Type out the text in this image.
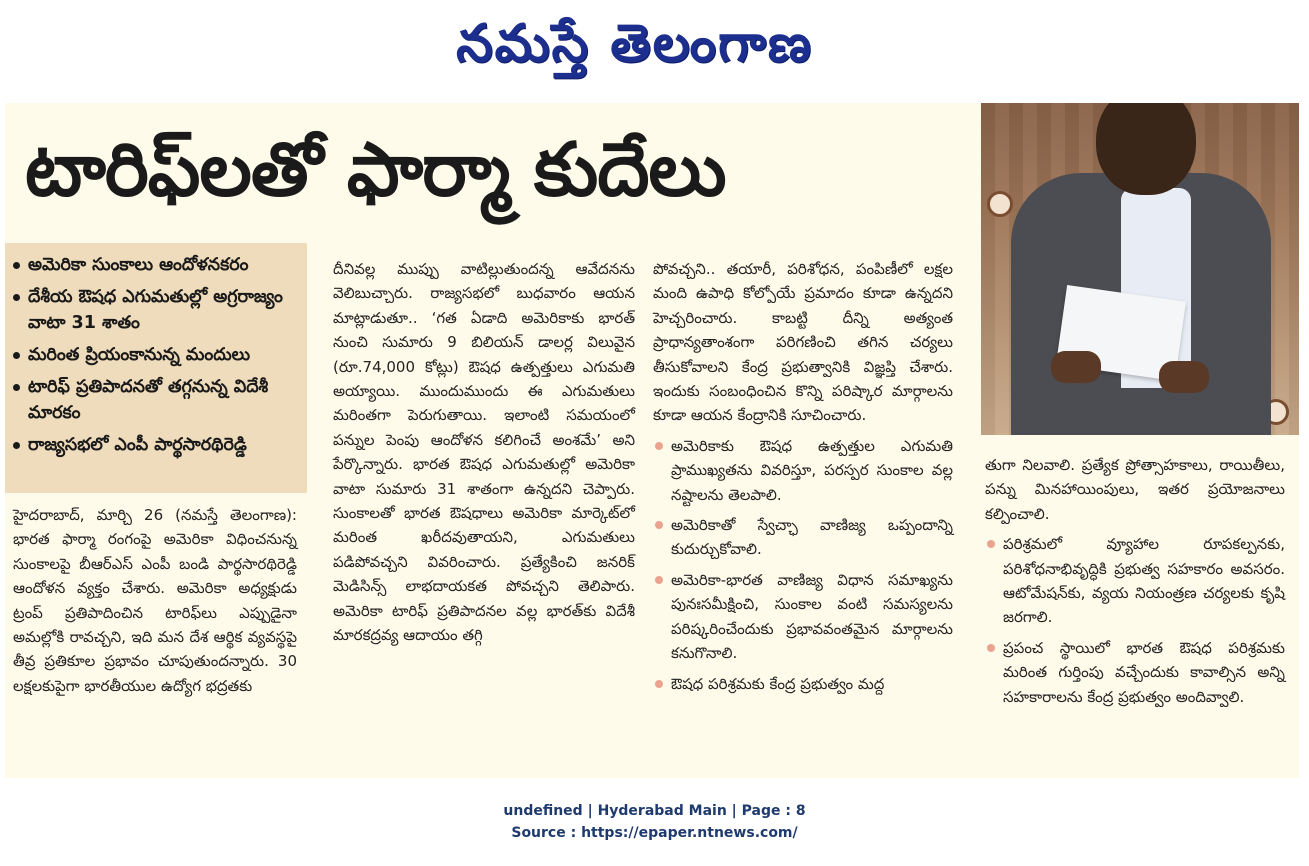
నమస్తే తెలంగాణ
టారిఫ్‌లతో ఫార్మా కుదేలు
అమెరికా సుంకాలు ఆందోళనకరం
దేశీయ ఔషధ ఎగుమతుల్లో అగ్రరాజ్యం వాటా 31 శాతం
మరింత ప్రియంకానున్న మందులు
టారిఫ్ ప్రతిపాదనతో తగ్గనున్న విదేశీ మారకం
రాజ్యసభలో ఎంపీ పార్థసారథిరెడ్డి

హైదరాబాద్, మార్చి 26 (నమస్తే తెలంగాణ): భారత ఫార్మా రంగంపై అమెరికా విధించనున్న సుంకాలపై బీఆర్‌ఎస్ ఎంపీ బండి పార్థసారథిరెడ్డి ఆందోళన వ్యక్తం చేశారు. అమెరికా అధ్యక్షుడు ట్రంప్ ప్రతిపాదించిన టారిఫ్‌లు ఎప్పుడైనా అమల్లోకి రావచ్చని, ఇది మన దేశ ఆర్థిక వ్యవస్థపై తీవ్ర ప్రతికూల ప్రభావం చూపుతుందన్నారు. 30 లక్షలకుపైగా భారతీయుల ఉద్యోగ భద్రతకు

దీనివల్ల ముప్పు వాటిల్లుతుందన్న ఆవేదనను వెలిబుచ్చారు. రాజ్యసభలో బుధవారం ఆయన మాట్లాడుతూ.. ‘గత ఏడాది అమెరికాకు భారత్ నుంచి సుమారు 9 బిలియన్ డాలర్ల విలువైన (రూ.74,000 కోట్లు) ఔషధ ఉత్పత్తులు ఎగుమతి అయ్యాయి. ముందుముందు ఈ ఎగుమతులు మరింతగా పెరుగుతాయి. ఇలాంటి సమయంలో పన్నుల పెంపు ఆందోళన కలిగించే అంశమే’ అని పేర్కొన్నారు. భారత ఔషధ ఎగుమతుల్లో అమెరికా వాటా సుమారు 31 శాతంగా ఉన్నదని చెప్పారు. సుంకాలతో భారత ఔషధాలు అమెరికా మార్కెట్‌లో మరింత ఖరీదవుతాయని, ఎగుమతులు పడిపోవచ్చని వివరించారు. ప్రత్యేకించి జనరిక్ మెడిసిన్స్ లాభదాయకత పోవచ్చని తెలిపారు. అమెరికా టారిఫ్ ప్రతిపాదనల వల్ల భారత్‌కు విదేశీ మారకద్రవ్య ఆదాయం తగ్గి

పోవచ్చని.. తయారీ, పరిశోధన, పంపిణీలో లక్షల మంది ఉపాధి కోల్పోయే ప్రమాదం కూడా ఉన్నదని హెచ్చరించారు. కాబట్టి దీన్ని అత్యంత ప్రాధాన్యతాంశంగా పరిగణించి తగిన చర్యలు తీసుకోవాలని కేంద్ర ప్రభుత్వానికి విజ్ఞప్తి చేశారు. ఇందుకు సంబంధించిన కొన్ని పరిష్కార మార్గాలను కూడా ఆయన కేంద్రానికి సూచించారు.

అమెరికాకు ఔషధ ఉత్పత్తుల ఎగుమతి ప్రాముఖ్యతను వివరిస్తూ, పరస్పర సుంకాల వల్ల నష్టాలను తెలపాలి.

అమెరికాతో స్వేచ్ఛా వాణిజ్య ఒప్పందాన్ని కుదుర్చుకోవాలి.

అమెరికా-భారత వాణిజ్య విధాన సమాఖ్యను పునఃసమీక్షించి, సుంకాల వంటి సమస్యలను పరిష్కరించేందుకు ప్రభావవంతమైన మార్గాలను కనుగొనాలి.

ఔషధ పరిశ్రమకు కేంద్ర ప్రభుత్వం మద్ద

తుగా నిలవాలి. ప్రత్యేక ప్రోత్సాహకాలు, రాయితీలు, పన్ను మినహాయింపులు, ఇతర ప్రయోజనాలు కల్పించాలి.

పరిశ్రమలో వ్యూహాల రూపకల్పనకు, పరిశోధనాభివృద్ధికి ప్రభుత్వ సహకారం అవసరం. ఆటోమేషన్‌కు, వ్యయ నియంత్రణ చర్యలకు కృషి జరగాలి.

ప్రపంచ స్థాయిలో భారత ఔషధ పరిశ్రమకు మరింత గుర్తింపు వచ్చేందుకు కావాల్సిన అన్ని సహకారాలను కేంద్ర ప్రభుత్వం అందివ్వాలి.

undefined | Hyderabad Main | Page : 8
Source : https://epaper.ntnews.com/
